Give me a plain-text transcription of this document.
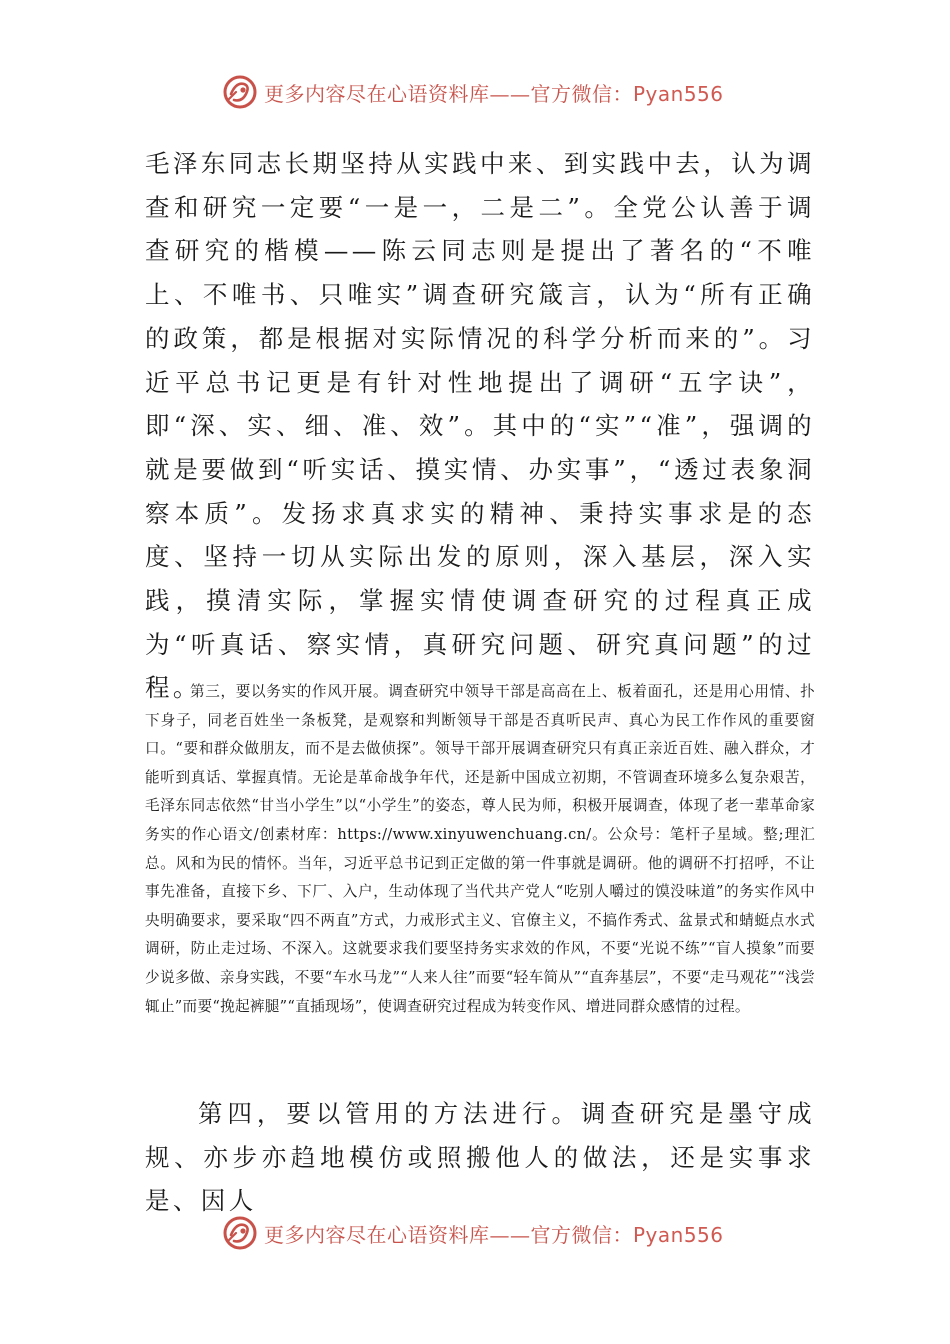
更多内容尽在心语资料库——官方微信：Pyan556

毛泽东同志长期坚持从实践中来、到实践中去，认为调查和研究一定要“一是一，二是二”。全党公认善于调查研究的楷模——陈云同志则是提出了著名的“不唯上、不唯书、只唯实”调查研究箴言，认为“所有正确的政策，都是根据对实际情况的科学分析而来的”。习近平总书记更是有针对性地提出了调研“五字诀”，即“深、实、细、准、效”。其中的“实”“准”，强调的就是要做到“听实话、摸实情、办实事”，“透过表象洞察本质”。发扬求真求实的精神、秉持实事求是的态度、坚持一切从实际出发的原则，深入基层，深入实践，摸清实际，掌握实情使调查研究的过程真正成为“听真话、察实情，真研究问题、研究真问题”的过程。

第三，要以务实的作风开展。调查研究中领导干部是高高在上、板着面孔，还是用心用情、扑下身子，同老百姓坐一条板凳，是观察和判断领导干部是否真听民声、真心为民工作作风的重要窗口。“要和群众做朋友，而不是去做侦探”。领导干部开展调查研究只有真正亲近百姓、融入群众，才能听到真话、掌握真情。无论是革命战争年代，还是新中国成立初期，不管调查环境多么复杂艰苦，毛泽东同志依然“甘当小学生”以“小学生”的姿态，尊人民为师，积极开展调查，体现了老一辈革命家务实的作心语文/创素材库：https://www.xinyuwenchuang.cn/。公众号：笔杆子星域。整;理汇总。风和为民的情怀。当年，习近平总书记到正定做的第一件事就是调研。他的调研不打招呼，不让事先准备，直接下乡、下厂、入户，生动体现了当代共产党人“吃别人嚼过的馍没味道”的务实作风中央明确要求，要采取“四不两直”方式，力戒形式主义、官僚主义，不搞作秀式、盆景式和蜻蜓点水式调研，防止走过场、不深入。这就要求我们要坚持务实求效的作风，不要“光说不练”“盲人摸象”而要少说多做、亲身实践，不要“车水马龙”“人来人往”而要“轻车简从”“直奔基层”，不要“走马观花”“浅尝辄止”而要“挽起裤腿”“直插现场”，使调查研究过程成为转变作风、增进同群众感情的过程。

第四，要以管用的方法进行。调查研究是墨守成规、亦步亦趋地模仿或照搬他人的做法，还是实事求是、因人

更多内容尽在心语资料库——官方微信：Pyan556
